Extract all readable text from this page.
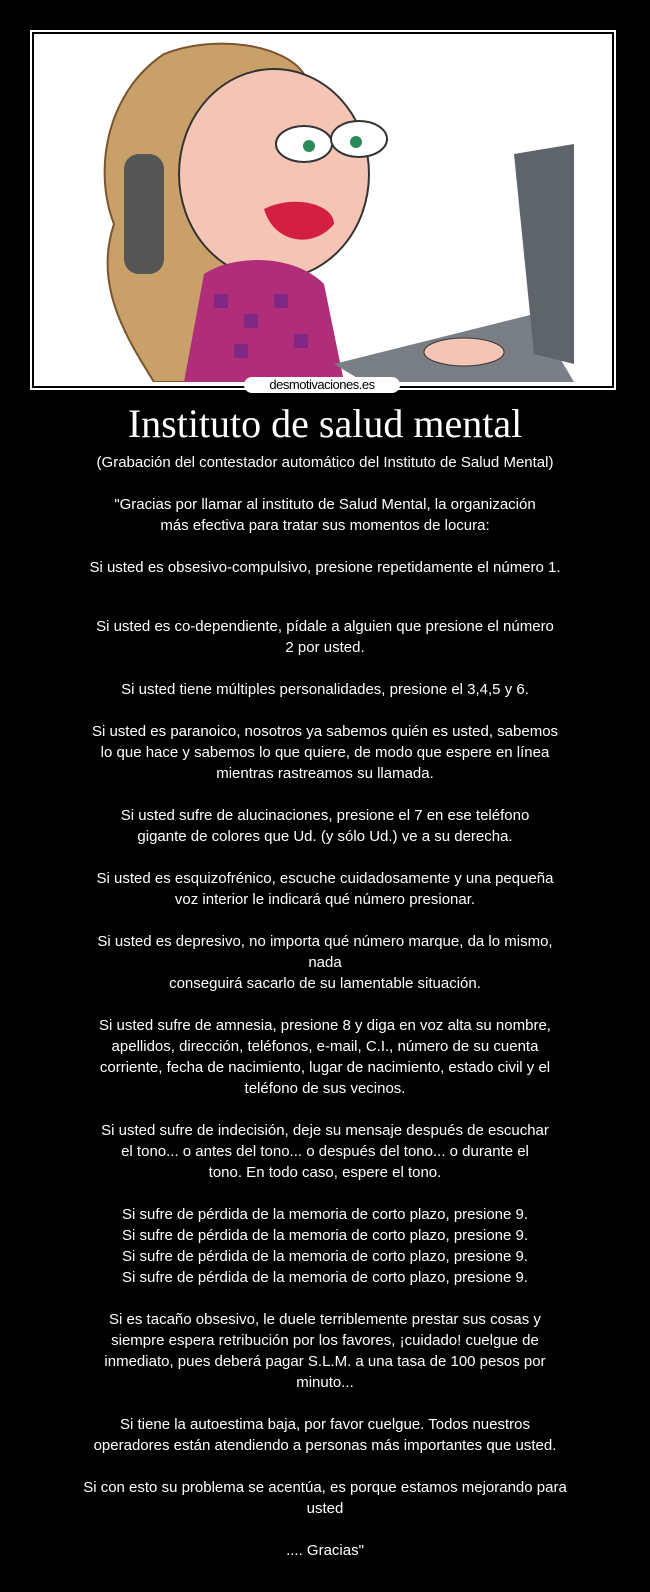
desmotivaciones.es
Instituto de salud mental
(Grabación del contestador automático del Instituto de Salud Mental)
"Gracias por llamar al instituto de Salud Mental, la organización
más efectiva para tratar sus momentos de locura:
Si usted es obsesivo-compulsivo, presione repetidamente el número 1.
Si usted es co-dependiente, pídale a alguien que presione el número
2 por usted.
Si usted tiene múltiples personalidades, presione el 3,4,5 y 6.
Si usted es paranoico, nosotros ya sabemos quién es usted, sabemos
lo que hace y sabemos lo que quiere, de modo que espere en línea
mientras rastreamos su llamada.
Si usted sufre de alucinaciones, presione el 7 en ese teléfono
gigante de colores que Ud. (y sólo Ud.) ve a su derecha.
Si usted es esquizofrénico, escuche cuidadosamente y una pequeña
voz interior le indicará qué número presionar.
Si usted es depresivo, no importa qué número marque, da lo mismo,
nada
conseguirá sacarlo de su lamentable situación.
Si usted sufre de amnesia, presione 8 y diga en voz alta su nombre,
apellidos, dirección, teléfonos, e-mail, C.I., número de su cuenta
corriente, fecha de nacimiento, lugar de nacimiento, estado civil y el
teléfono de sus vecinos.
Si usted sufre de indecisión, deje su mensaje después de escuchar
el tono... o antes del tono... o después del tono... o durante el
tono. En todo caso, espere el tono.
Si sufre de pérdida de la memoria de corto plazo, presione 9.
Si sufre de pérdida de la memoria de corto plazo, presione 9.
Si sufre de pérdida de la memoria de corto plazo, presione 9.
Si sufre de pérdida de la memoria de corto plazo, presione 9.
Si es tacaño obsesivo, le duele terriblemente prestar sus cosas y
siempre espera retribución por los favores, ¡cuidado! cuelgue de
inmediato, pues deberá pagar S.L.M. a una tasa de 100 pesos por
minuto...
Si tiene la autoestima baja, por favor cuelgue. Todos nuestros
operadores están atendiendo a personas más importantes que usted.
Si con esto su problema se acentúa, es porque estamos mejorando para
usted
.... Gracias"
